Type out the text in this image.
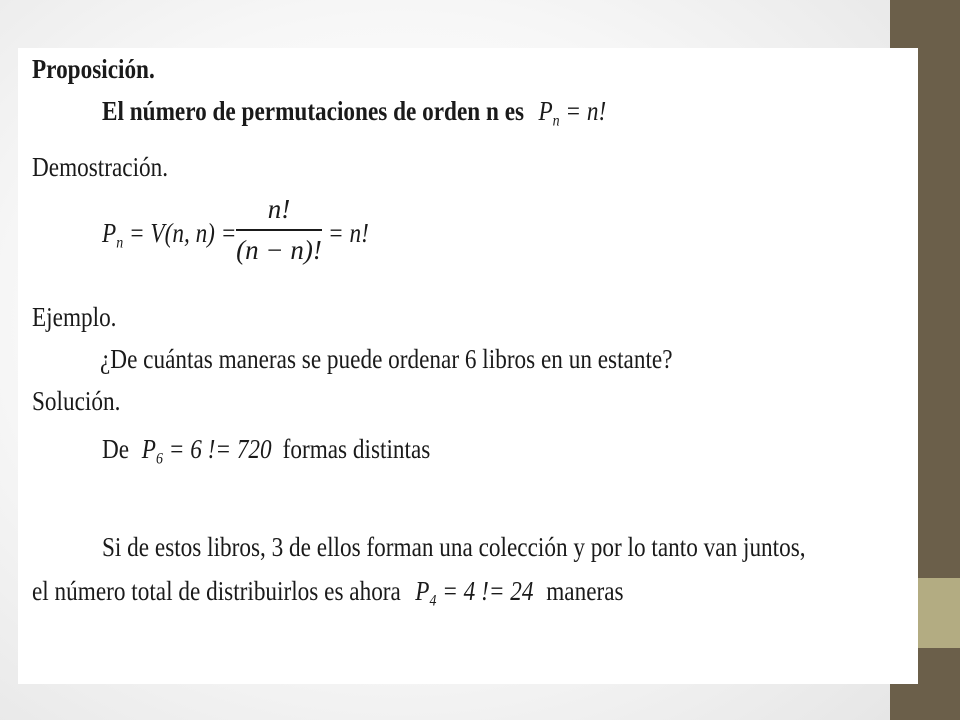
Proposición.
El número de permutaciones de orden n es $P_n = n$!
Demostración.
$P_n = V(n$, n) =
n!
(n − n)!
= n!
Ejemplo.
¿De cuántas maneras se puede ordenar 6 libros en un estante?
Solución.
De $P_6 = 6$ != 720 formas distintas
Si de estos libros, 3 de ellos forman una colección y por lo tanto van juntos,
el número total de distribuirlos es ahora $P_4 = 4$ != 24 maneras
